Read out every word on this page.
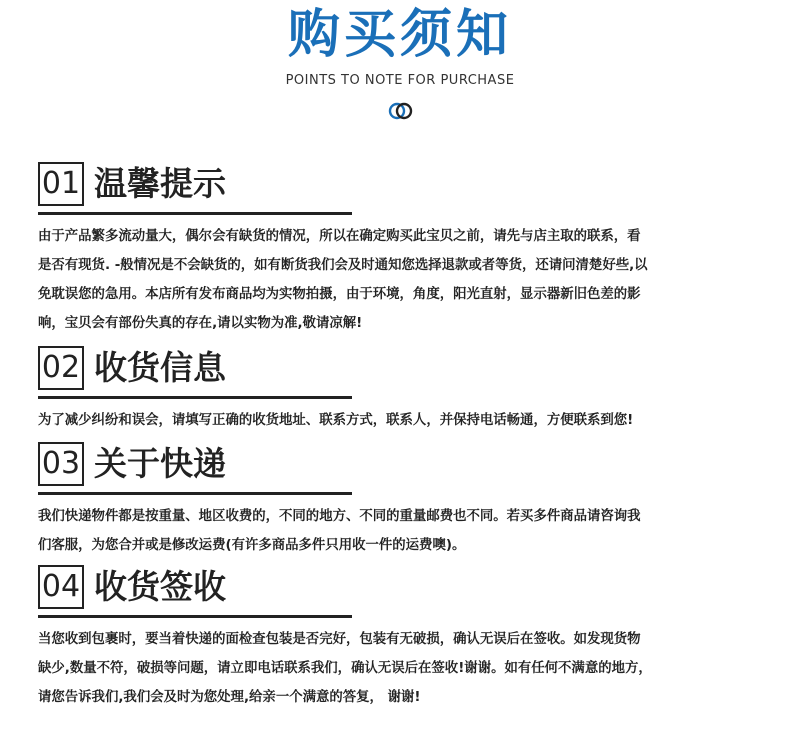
购买须知
POINTS TO NOTE FOR PURCHASE
01 温馨提示
由于产品繁多流动量大，偶尔会有缺货的情况，所以在确定购买此宝贝之前，请先与店主取的联系，看
是否有现货. -般情况是不会缺货的，如有断货我们会及时通知您选择退款或者等货，还请问清楚好些,以
免耽误您的急用。本店所有发布商品均为实物拍摄，由于环境，角度，阳光直射，显示器新旧色差的影
响，宝贝会有部份失真的存在,请以实物为准,敬请凉解!
02 收货信息
为了减少纠纷和误会，请填写正确的收货地址、联系方式，联系人，并保持电话畅通，方便联系到您!
03 关于快递
我们快递物件都是按重量、地区收费的，不同的地方、不同的重量邮费也不同。若买多件商品请咨询我
们客服，为您合并或是修改运费(有许多商品多件只用收一件的运费噢)。
04 收货签收
当您收到包裹时，要当着快递的面检查包装是否完好，包装有无破损，确认无误后在签收。如发现货物
缺少,数量不符，破损等问题，请立即电话联系我们，确认无误后在签收!谢谢。如有任何不满意的地方，
请您告诉我们,我们会及时为您处理,给亲一个满意的答复， 谢谢!
